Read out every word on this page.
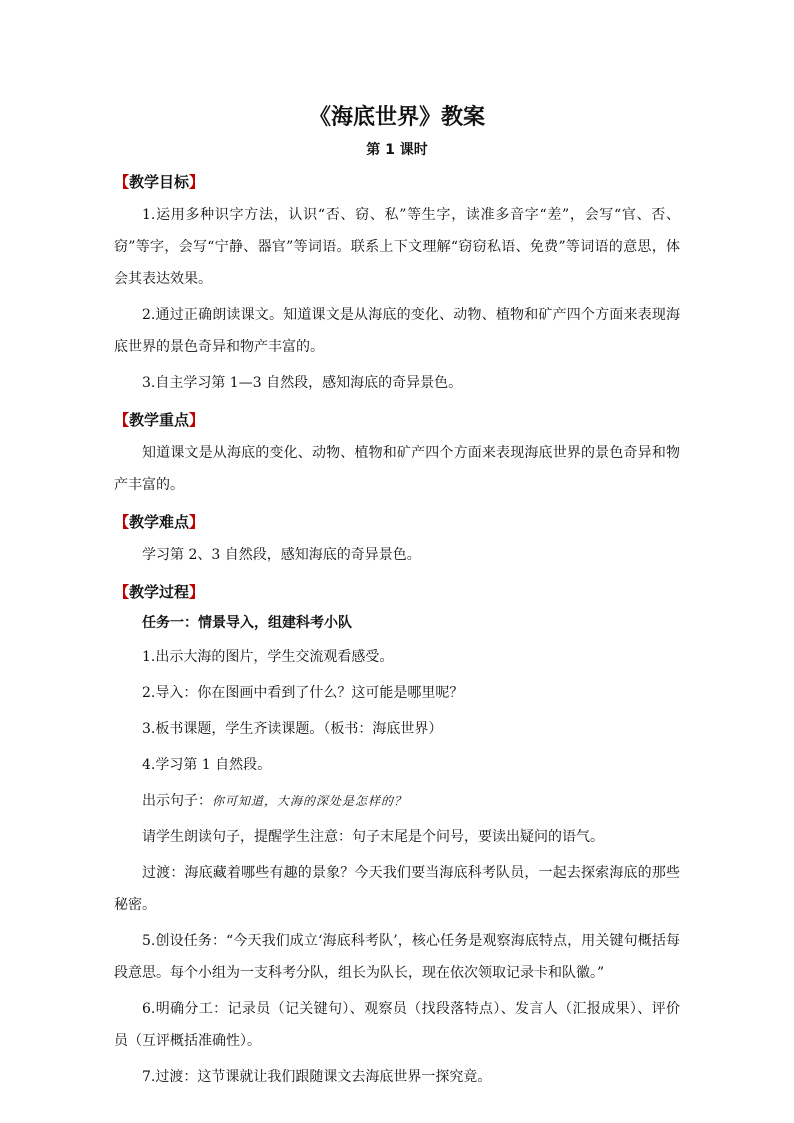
《海底世界》教案
第 1 课时
【教学目标】

1.运用多种识字方法，认识“否、窃、私”等生字，读准多音字“差”，会写“官、否、窃”等字，会写“宁静、器官”等词语。联系上下文理解“窃窃私语、免费”等词语的意思，体会其表达效果。

2.通过正确朗读课文。知道课文是从海底的变化、动物、植物和矿产四个方面来表现海底世界的景色奇异和物产丰富的。

3.自主学习第 1—3 自然段，感知海底的奇异景色。

【教学重点】

知道课文是从海底的变化、动物、植物和矿产四个方面来表现海底世界的景色奇异和物产丰富的。

【教学难点】

学习第 2、3 自然段，感知海底的奇异景色。

【教学过程】
任务一：情景导入，组建科考小队

1.出示大海的图片，学生交流观看感受。

2.导入：你在图画中看到了什么？这可能是哪里呢？

3.板书课题，学生齐读课题。（板书：海底世界）

4.学习第 1 自然段。

出示句子：你可知道，大海的深处是怎样的？

请学生朗读句子，提醒学生注意：句子末尾是个问号，要读出疑问的语气。

过渡：海底藏着哪些有趣的景象？今天我们要当海底科考队员，一起去探索海底的那些秘密。

5.创设任务：“今天我们成立‘海底科考队’，核心任务是观察海底特点，用关键句概括每段意思。每个小组为一支科考分队，组长为队长，现在依次领取记录卡和队徽。”

6.明确分工：记录员（记关键句）、观察员（找段落特点）、发言人（汇报成果）、评价员（互评概括准确性）。

7.过渡：这节课就让我们跟随课文去海底世界一探究竟。
